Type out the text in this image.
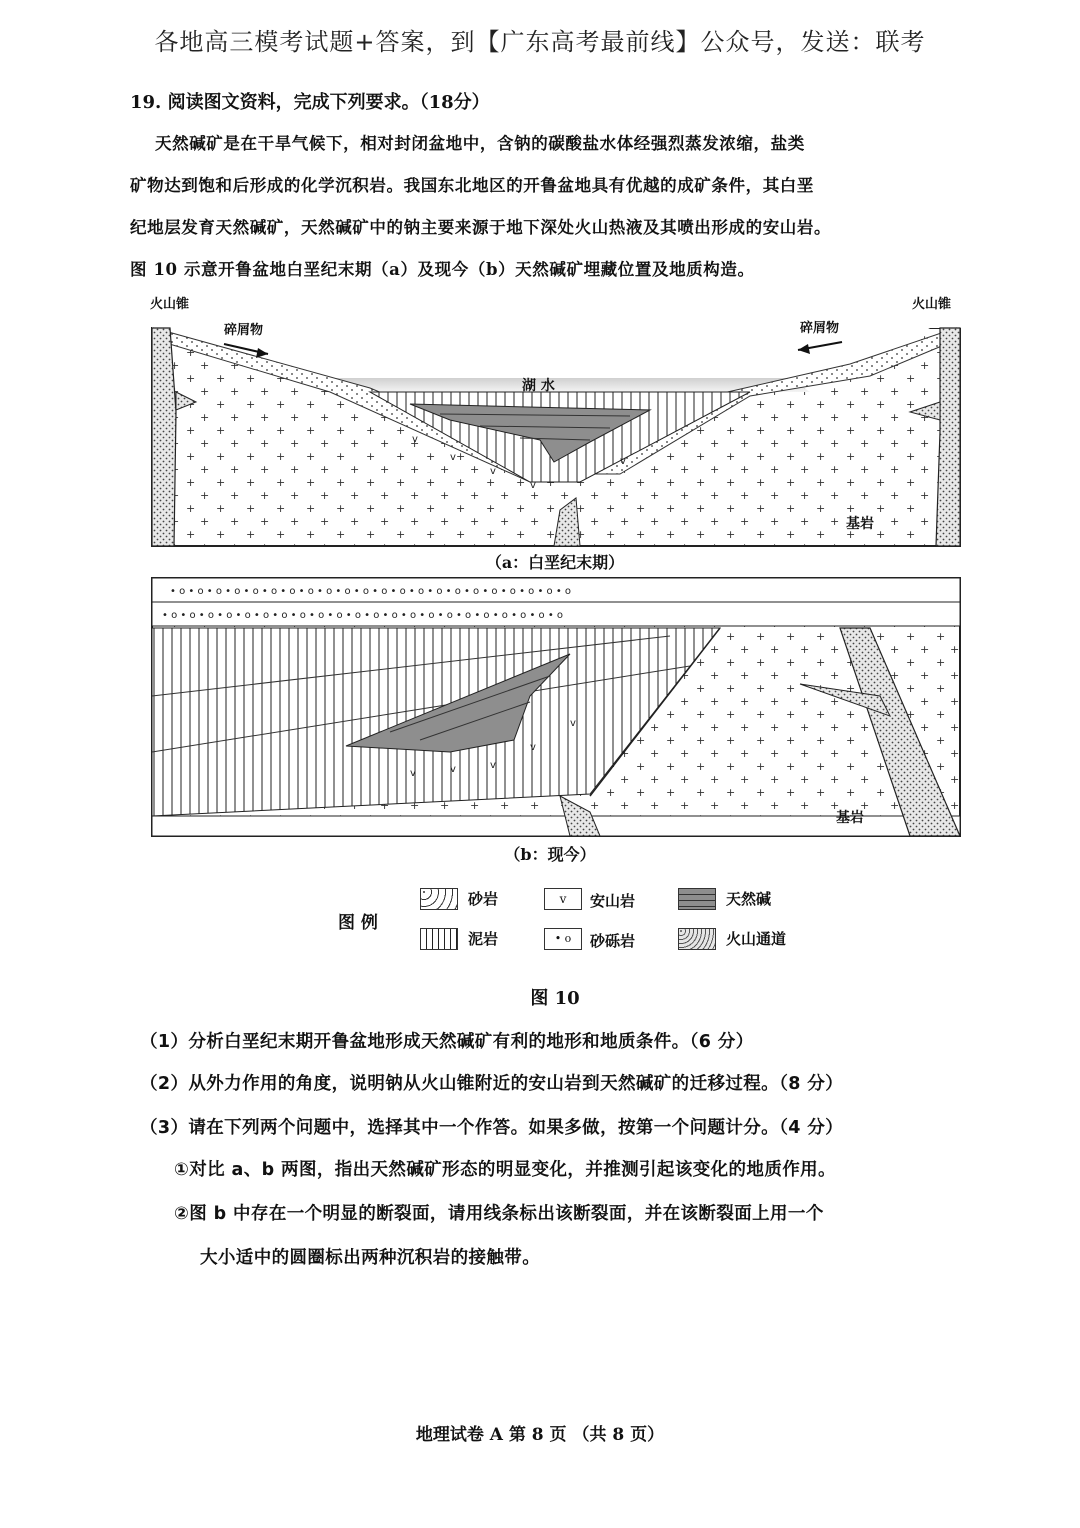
各地高三模考试题+答案，到【广东高考最前线】公众号，发送：联考
19. 阅读图文资料，完成下列要求。（18分）
天然碱矿是在干旱气候下，相对封闭盆地中，含钠的碳酸盐水体经强烈蒸发浓缩，盐类
矿物达到饱和后形成的化学沉积岩。我国东北地区的开鲁盆地具有优越的成矿条件，其白垩
纪地层发育天然碱矿，天然碱矿中的钠主要来源于地下深处火山热液及其喷出形成的安山岩。
图 10 示意开鲁盆地白垩纪末期（a）及现今（b）天然碱矿埋藏位置及地质构造。
v
v
v
v
v
火山锥	火山锥
碎屑物	碎屑物
湖 水
基岩
（a：白垩纪末期）
• o • o • o • o • o • o • o • o • o • o • o • o • o • o • o • o • o • o • o • o • o • o
• o • o • o • o • o • o • o • o • o • o • o • o • o • o • o • o • o • o • o • o • o • o
v	v	v
v
v
基岩
（b：现今）
图 例
砂岩	v	安山岩	天然碱
泥岩	• o	砂砾岩	火山通道
图 10
（1）分析白垩纪末期开鲁盆地形成天然碱矿有利的地形和地质条件。（6 分）
（2）从外力作用的角度，说明钠从火山锥附近的安山岩到天然碱矿的迁移过程。（8 分）
（3）请在下列两个问题中，选择其中一个作答。如果多做，按第一个问题计分。（4 分）
①对比 a、b 两图，指出天然碱矿形态的明显变化，并推测引起该变化的地质作用。
②图 b 中存在一个明显的断裂面，请用线条标出该断裂面，并在该断裂面上用一个
大小适中的圆圈标出两种沉积岩的接触带。
地理试卷 A 第 8 页 （共 8 页）
